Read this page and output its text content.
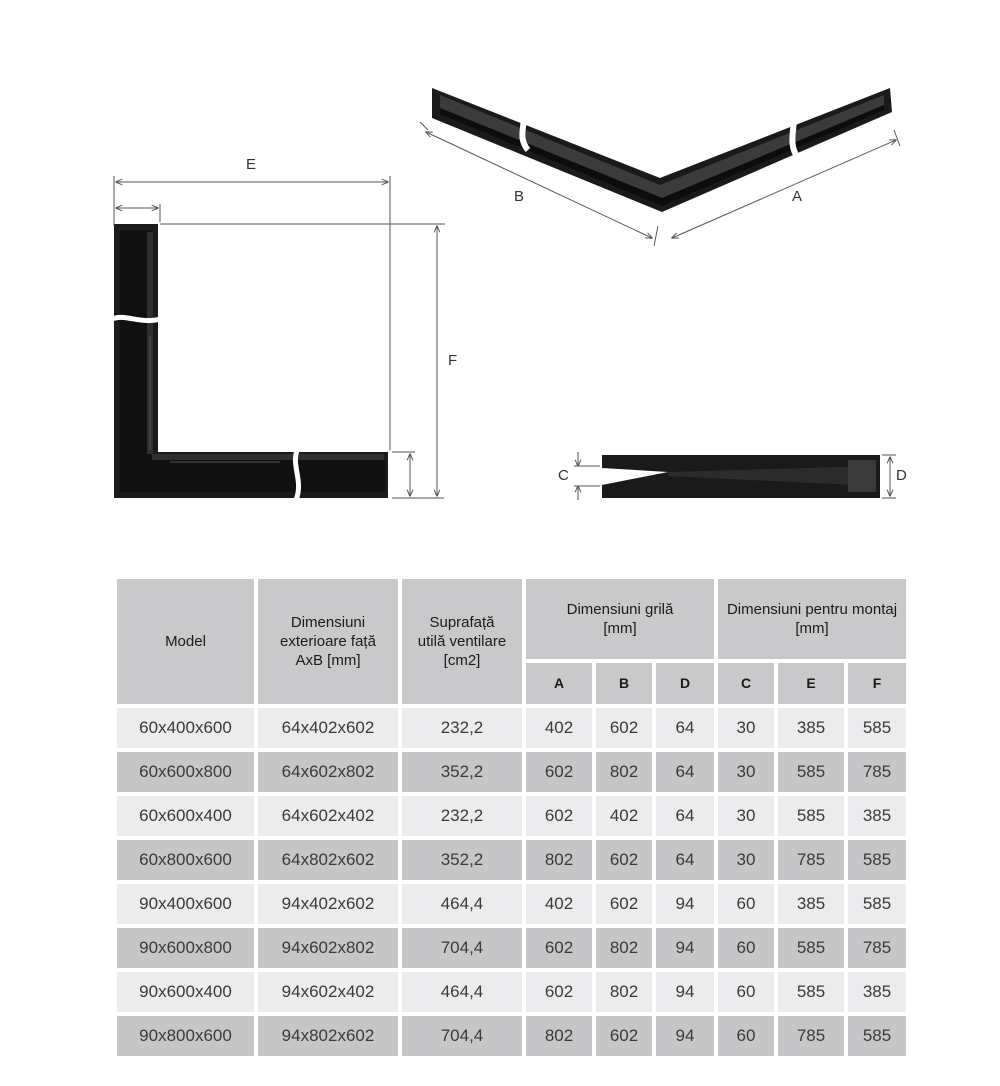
E
F
B	A
C	D
Model	Dimensiuni exterioare față AxB [mm]	Suprafață utilă ventilare [cm2]	Dimensiuni grilă [mm]			Dimensiuni pentru montaj [mm]		
			A	B	D	C	E	F
60x400x600	64x402x602	232,2	402	602	64	30	385	585
60x600x800	64x602x802	352,2	602	802	64	30	585	785
60x600x400	64x602x402	232,2	602	402	64	30	585	385
60x800x600	64x802x602	352,2	802	602	64	30	785	585
90x400x600	94x402x602	464,4	402	602	94	60	385	585
90x600x800	94x602x802	704,4	602	802	94	60	585	785
90x600x400	94x602x402	464,4	602	802	94	60	585	385
90x800x600	94x802x602	704,4	802	602	94	60	785	585
